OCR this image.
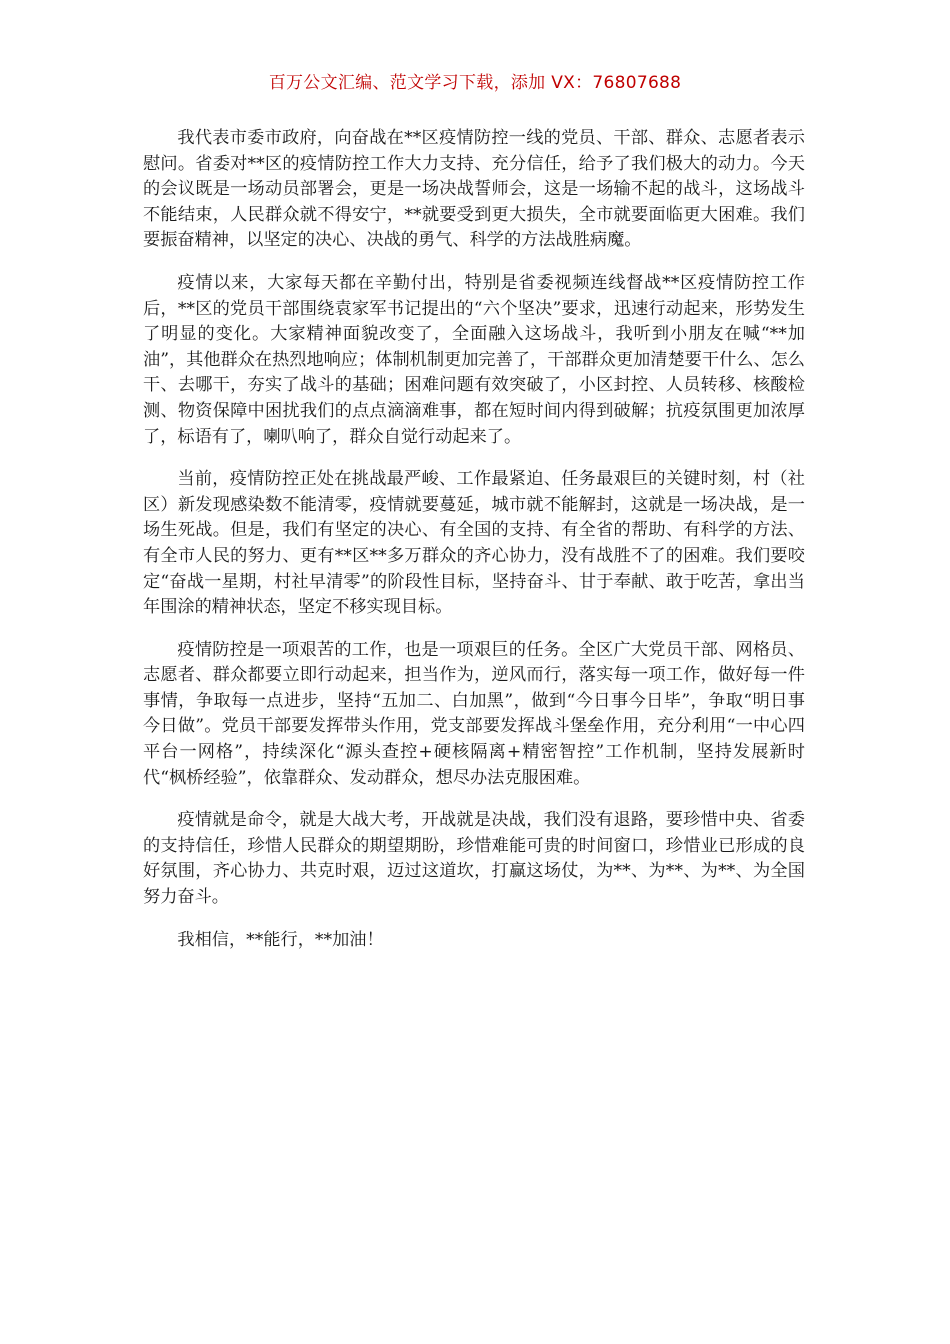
百万公文汇编、范文学习下载，添加 VX：76807688

我代表市委市政府，向奋战在**区疫情防控一线的党员、干部、群众、志愿者表示慰问。省委对**区的疫情防控工作大力支持、充分信任，给予了我们极大的动力。今天的会议既是一场动员部署会，更是一场决战誓师会，这是一场输不起的战斗，这场战斗不能结束，人民群众就不得安宁，**就要受到更大损失，全市就要面临更大困难。我们要振奋精神，以坚定的决心、决战的勇气、科学的方法战胜病魔。

疫情以来，大家每天都在辛勤付出，特别是省委视频连线督战**区疫情防控工作后，**区的党员干部围绕袁家军书记提出的“六个坚决”要求，迅速行动起来，形势发生了明显的变化。大家精神面貌改变了，全面融入这场战斗，我听到小朋友在喊“**加油”，其他群众在热烈地响应；体制机制更加完善了，干部群众更加清楚要干什么、怎么干、去哪干，夯实了战斗的基础；困难问题有效突破了，小区封控、人员转移、核酸检测、物资保障中困扰我们的点点滴滴难事，都在短时间内得到破解；抗疫氛围更加浓厚了，标语有了，喇叭响了，群众自觉行动起来了。

当前，疫情防控正处在挑战最严峻、工作最紧迫、任务最艰巨的关键时刻，村（社区）新发现感染数不能清零，疫情就要蔓延，城市就不能解封，这就是一场决战，是一场生死战。但是，我们有坚定的决心、有全国的支持、有全省的帮助、有科学的方法、有全市人民的努力、更有**区**多万群众的齐心协力，没有战胜不了的困难。我们要咬定“奋战一星期，村社早清零”的阶段性目标，坚持奋斗、甘于奉献、敢于吃苦，拿出当年围涂的精神状态，坚定不移实现目标。

疫情防控是一项艰苦的工作，也是一项艰巨的任务。全区广大党员干部、网格员、志愿者、群众都要立即行动起来，担当作为，逆风而行，落实每一项工作，做好每一件事情，争取每一点进步，坚持“五加二、白加黑”，做到“今日事今日毕”，争取“明日事今日做”。党员干部要发挥带头作用，党支部要发挥战斗堡垒作用，充分利用“一中心四平台一网格”，持续深化“源头查控+硬核隔离+精密智控”工作机制，坚持发展新时代“枫桥经验”，依靠群众、发动群众，想尽办法克服困难。

疫情就是命令，就是大战大考，开战就是决战，我们没有退路，要珍惜中央、省委的支持信任，珍惜人民群众的期望期盼，珍惜难能可贵的时间窗口，珍惜业已形成的良好氛围，齐心协力、共克时艰，迈过这道坎，打赢这场仗，为**、为**、为**、为全国努力奋斗。

我相信，**能行，**加油！
